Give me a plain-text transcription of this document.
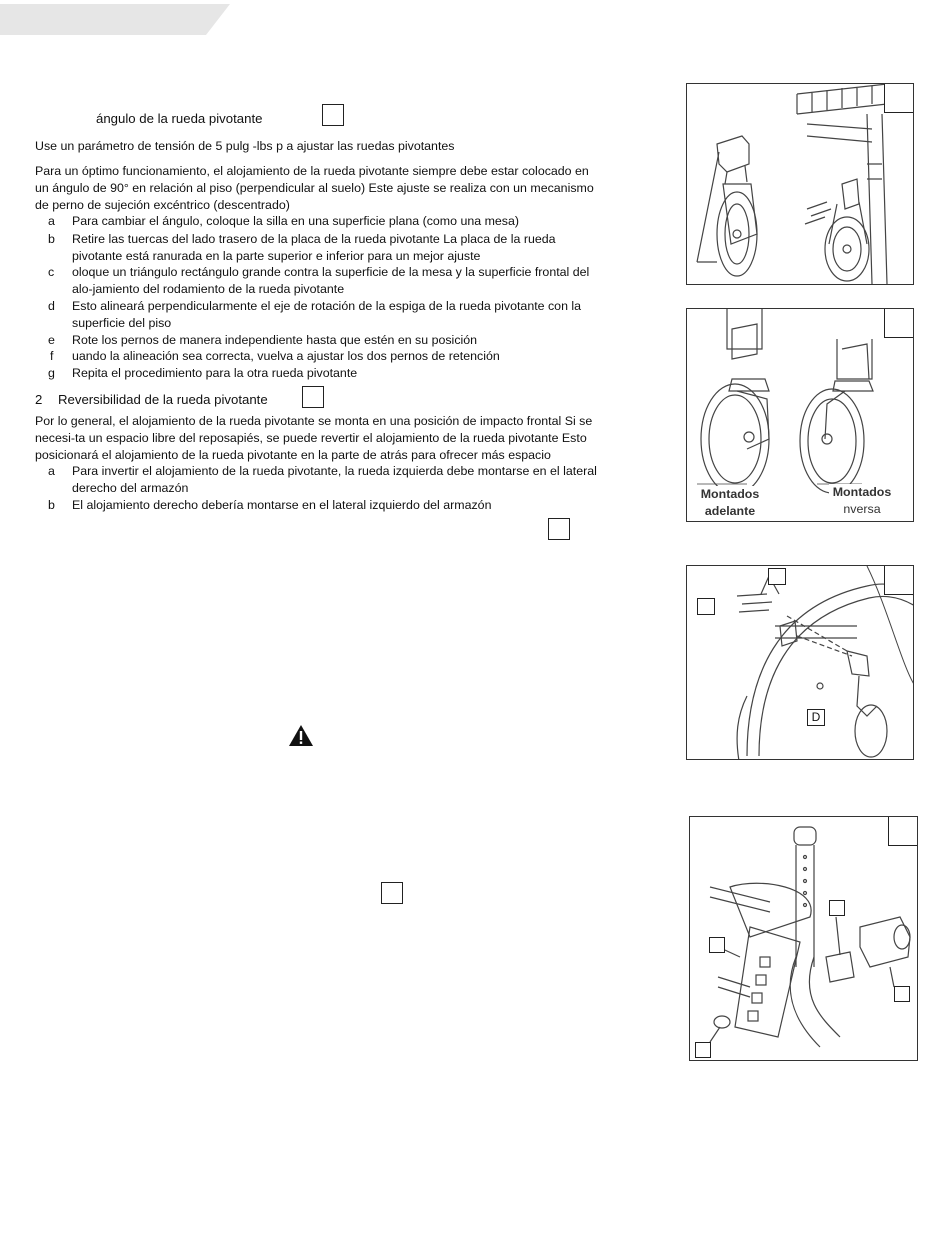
ángulo de la rueda pivotante
Use un parámetro de tensión de 5 pulg -lbs p a ajustar las ruedas pivotantes
Para un óptimo funcionamiento, el alojamiento de la rueda pivotante siempre debe estar colocado en
un ángulo de 90° en relación al piso (perpendicular al suelo) Este ajuste se realiza con un mecanismo
de perno de sujeción excéntrico (descentrado)
a Para cambiar el ángulo, coloque la silla en una superficie plana (como una mesa)
b Retire las tuercas del lado trasero de la placa de la rueda pivotante La placa de la rueda
pivotante está ranurada en la parte superior e inferior para un mejor ajuste
c oloque un triángulo rectángulo grande contra la superficie de la mesa y la superficie frontal del
alo-jamiento del rodamiento de la rueda pivotante
d Esto alineará perpendicularmente el eje de rotación de la espiga de la rueda pivotante con la
superficie del piso
e Rote los pernos de manera independiente hasta que estén en su posición
f uando la alineación sea correcta, vuelva a ajustar los dos pernos de retención
g Repita el procedimiento para la otra rueda pivotante
2 Reversibilidad de la rueda pivotante
Por lo general, el alojamiento de la rueda pivotante se monta en una posición de impacto frontal Si se
necesi-ta un espacio libre del reposapiés, se puede revertir el alojamiento de la rueda pivotante Esto
posicionará el alojamiento de la rueda pivotante en la parte de atrás para ofrecer más espacio
a Para invertir el alojamiento de la rueda pivotante, la rueda izquierda debe montarse en el lateral
derecho del armazón
b El alojamiento derecho debería montarse en el lateral izquierdo del armazón
Montados
adelante
Montados
nversa
D
